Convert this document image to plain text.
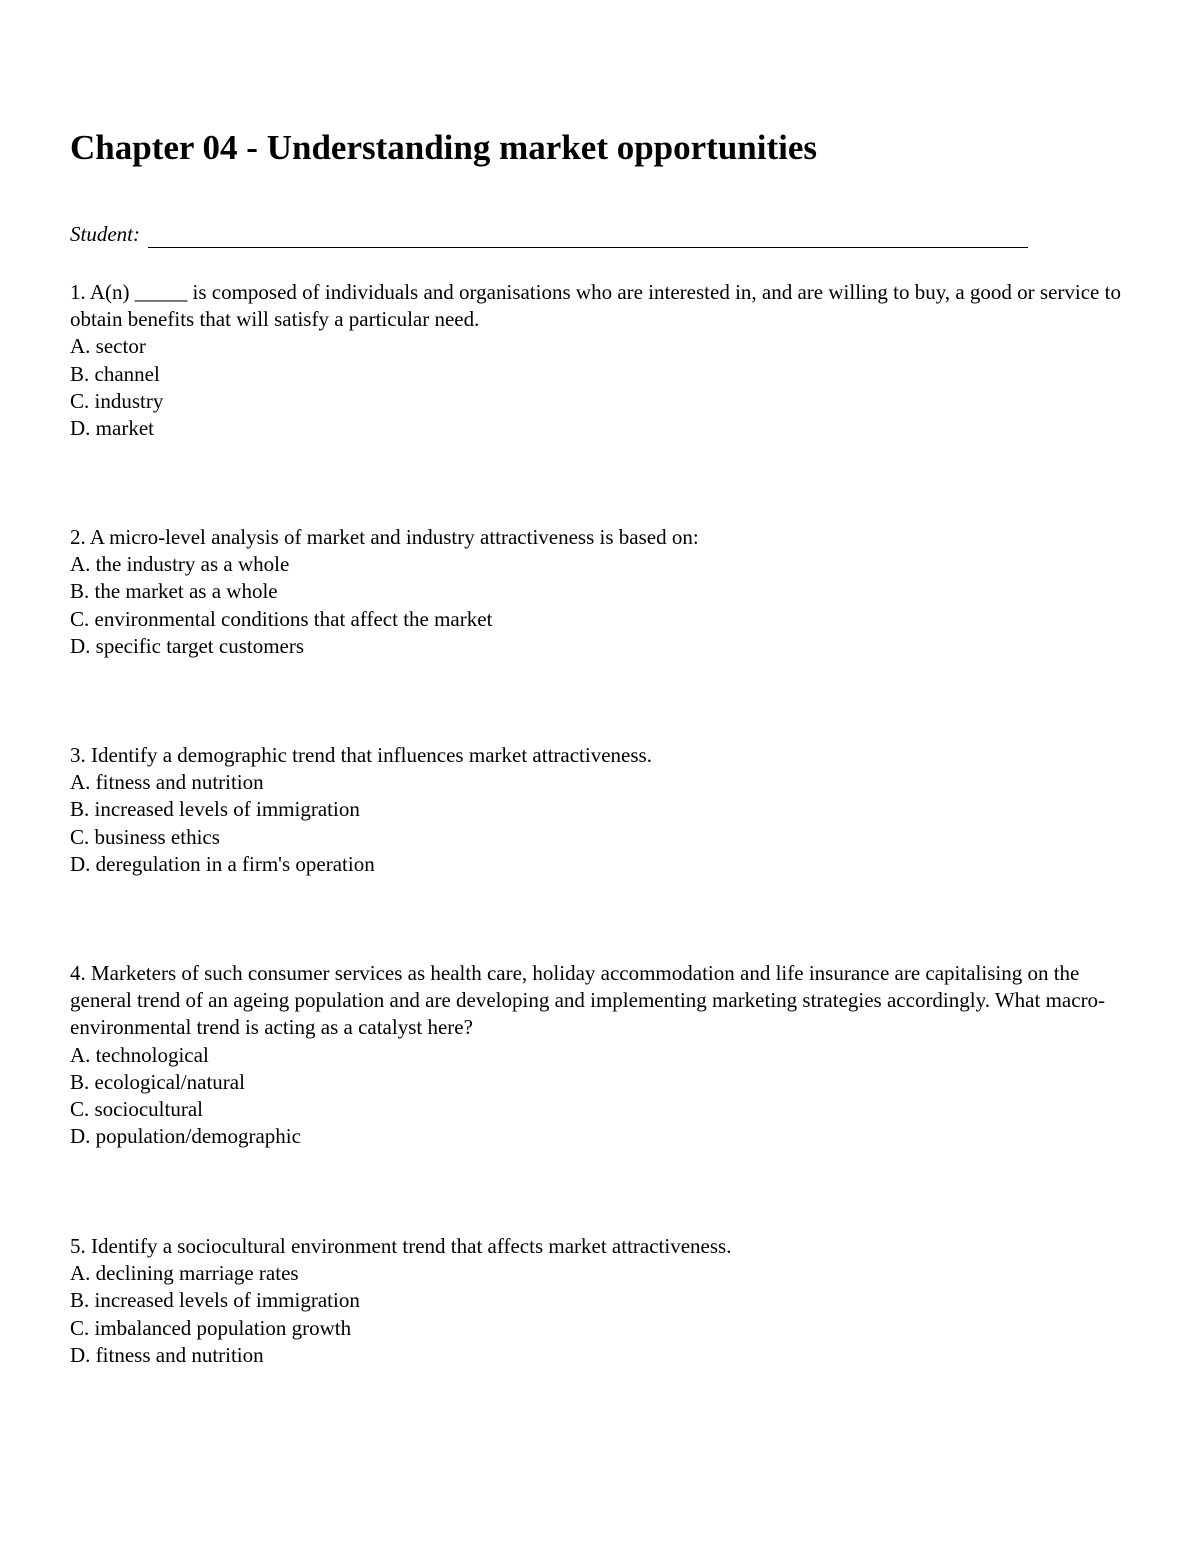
Chapter 04 - Understanding market opportunities
Student:

1. A(n) _____ is composed of individuals and organisations who are interested in, and are willing to buy, a good or service to obtain benefits that will satisfy a particular need.

A. sector
B. channel
C. industry
D. market

2. A micro-level analysis of market and industry attractiveness is based on:

A. the industry as a whole
B. the market as a whole
C. environmental conditions that affect the market
D. specific target customers

3. Identify a demographic trend that influences market attractiveness.

A. fitness and nutrition
B. increased levels of immigration
C. business ethics
D. deregulation in a firm's operation

4. Marketers of such consumer services as health care, holiday accommodation and life insurance are capitalising on the general trend of an ageing population and are developing and implementing marketing strategies accordingly. What macro-environmental trend is acting as a catalyst here?

A. technological
B. ecological/natural
C. sociocultural
D. population/demographic

5. Identify a sociocultural environment trend that affects market attractiveness.

A. declining marriage rates
B. increased levels of immigration
C. imbalanced population growth
D. fitness and nutrition
